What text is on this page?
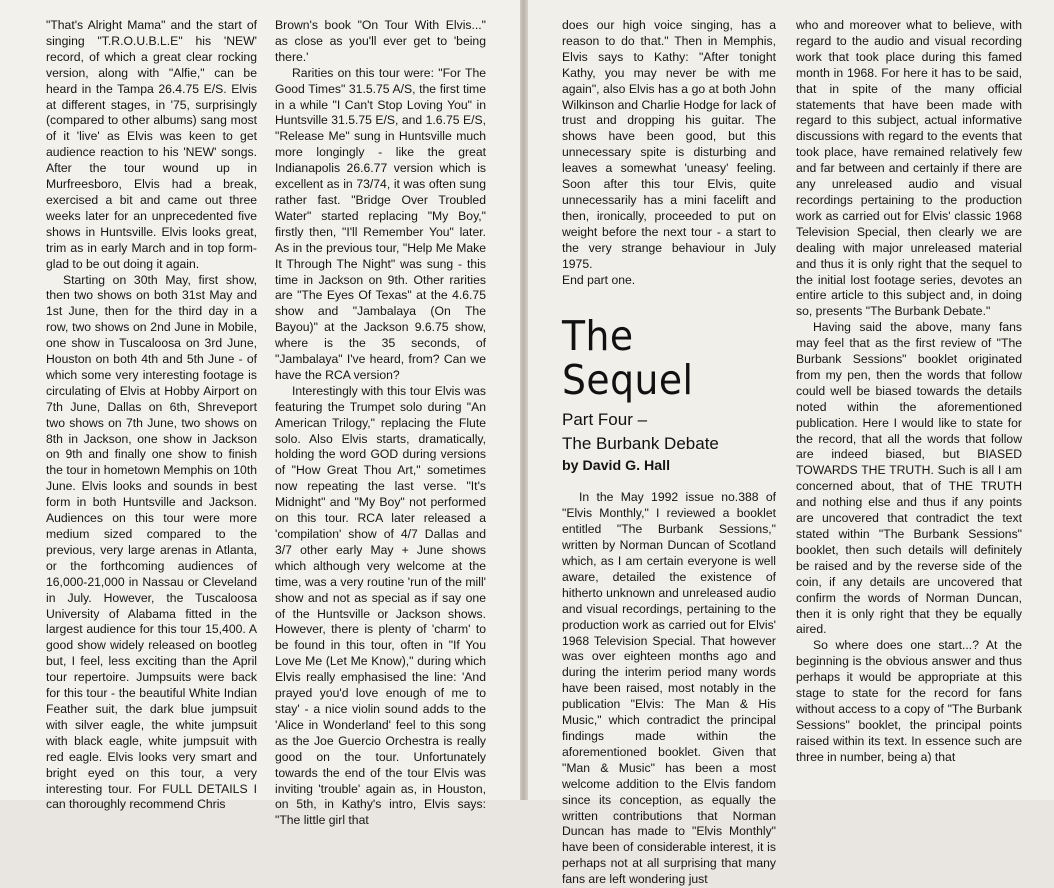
"That's Alright Mama" and the start of singing "T.R.O.U.B.L.E" his 'NEW' record, of which a great clear rocking version, along with "Alfie," can be heard in the Tampa 26.4.75 E/S. Elvis at different stages, in '75, surprisingly (compared to other albums) sang most of it 'live' as Elvis was keen to get audience reaction to his 'NEW' songs. After the tour wound up in Murfreesboro, Elvis had a break, exercised a bit and came out three weeks later for an unprecedented five shows in Huntsville. Elvis looks great, trim as in early March and in top form-glad to be out doing it again.

Starting on 30th May, first show, then two shows on both 31st May and 1st June, then for the third day in a row, two shows on 2nd June in Mobile, one show in Tuscaloosa on 3rd June, Houston on both 4th and 5th June - of which some very interesting footage is circulating of Elvis at Hobby Airport on 7th June, Dallas on 6th, Shreveport two shows on 7th June, two shows on 8th in Jackson, one show in Jackson on 9th and finally one show to finish the tour in hometown Memphis on 10th June. Elvis looks and sounds in best form in both Huntsville and Jackson. Audiences on this tour were more medium sized compared to the previous, very large arenas in Atlanta, or the forthcoming audiences of 16,000-21,000 in Nassau or Cleveland in July. However, the Tuscaloosa University of Alabama fitted in the largest audience for this tour 15,400. A good show widely released on bootleg but, I feel, less exciting than the April tour repertoire. Jumpsuits were back for this tour - the beautiful White Indian Feather suit, the dark blue jumpsuit with silver eagle, the white jumpsuit with black eagle, white jumpsuit with red eagle. Elvis looks very smart and bright eyed on this tour, a very interesting tour. For FULL DETAILS I can thoroughly recommend Chris

Brown's book "On Tour With Elvis..." as close as you'll ever get to 'being there.'

Rarities on this tour were: "For The Good Times" 31.5.75 A/S, the first time in a while "I Can't Stop Loving You" in Huntsville 31.5.75 E/S, and 1.6.75 E/S, "Release Me" sung in Huntsville much more longingly - like the great Indianapolis 26.6.77 version which is excellent as in 73/74, it was often sung rather fast. "Bridge Over Troubled Water" started replacing "My Boy," firstly then, "I'll Remember You" later. As in the previous tour, "Help Me Make It Through The Night" was sung - this time in Jackson on 9th. Other rarities are "The Eyes Of Texas" at the 4.6.75 show and "Jambalaya (On The Bayou)" at the Jackson 9.6.75 show, where is the 35 seconds, of "Jambalaya" I've heard, from? Can we have the RCA version?

Interestingly with this tour Elvis was featuring the Trumpet solo during "An American Trilogy," replacing the Flute solo. Also Elvis starts, dramatically, holding the word GOD during versions of "How Great Thou Art," sometimes now repeating the last verse. "It's Midnight" and "My Boy" not performed on this tour. RCA later released a 'compilation' show of 4/7 Dallas and 3/7 other early May + June shows which although very welcome at the time, was a very routine 'run of the mill' show and not as special as if say one of the Huntsville or Jackson shows. However, there is plenty of 'charm' to be found in this tour, often in "If You Love Me (Let Me Know)," during which Elvis really emphasised the line: 'And prayed you'd love enough of me to stay' - a nice violin sound adds to the 'Alice in Wonderland' feel to this song as the Joe Guercio Orchestra is really good on the tour. Unfortunately towards the end of the tour Elvis was inviting 'trouble' again as, in Houston, on 5th, in Kathy's intro, Elvis says: "The little girl that

does our high voice singing, has a reason to do that." Then in Memphis, Elvis says to Kathy: "After tonight Kathy, you may never be with me again", also Elvis has a go at both John Wilkinson and Charlie Hodge for lack of trust and dropping his guitar. The shows have been good, but this unnecessary spite is disturbing and leaves a somewhat 'uneasy' feeling. Soon after this tour Elvis, quite unnecessarily has a mini facelift and then, ironically, proceeded to put on weight before the next tour - a start to the very strange behaviour in July 1975.

End part one.

The Sequel
Part Four –
The Burbank Debate
by David G. Hall

In the May 1992 issue no.388 of "Elvis Monthly," I reviewed a booklet entitled "The Burbank Sessions," written by Norman Duncan of Scotland which, as I am certain everyone is well aware, detailed the existence of hitherto unknown and unreleased audio and visual recordings, pertaining to the production work as carried out for Elvis' 1968 Television Special. That however was over eighteen months ago and during the interim period many words have been raised, most notably in the publication "Elvis: The Man & His Music," which contradict the principal findings made within the aforementioned booklet. Given that "Man & Music" has been a most welcome addition to the Elvis fandom since its conception, as equally the written contributions that Norman Duncan has made to "Elvis Monthly" have been of considerable interest, it is perhaps not at all surprising that many fans are left wondering just

who and moreover what to believe, with regard to the audio and visual recording work that took place during this famed month in 1968. For here it has to be said, that in spite of the many official statements that have been made with regard to this subject, actual informative discussions with regard to the events that took place, have remained relatively few and far between and certainly if there are any unreleased audio and visual recordings pertaining to the production work as carried out for Elvis' classic 1968 Television Special, then clearly we are dealing with major unreleased material and thus it is only right that the sequel to the initial lost footage series, devotes an entire article to this subject and, in doing so, presents "The Burbank Debate."

Having said the above, many fans may feel that as the first review of "The Burbank Sessions" booklet originated from my pen, then the words that follow could well be biased towards the details noted within the aforementioned publication. Here I would like to state for the record, that all the words that follow are indeed biased, but BIASED TOWARDS THE TRUTH. Such is all I am concerned about, that of THE TRUTH and nothing else and thus if any points are uncovered that contradict the text stated within "The Burbank Sessions" booklet, then such details will definitely be raised and by the reverse side of the coin, if any details are uncovered that confirm the words of Norman Duncan, then it is only right that they be equally aired.

So where does one start...? At the beginning is the obvious answer and thus perhaps it would be appropriate at this stage to state for the record for fans without access to a copy of "The Burbank Sessions" booklet, the principal points raised within its text. In essence such are three in number, being a) that
